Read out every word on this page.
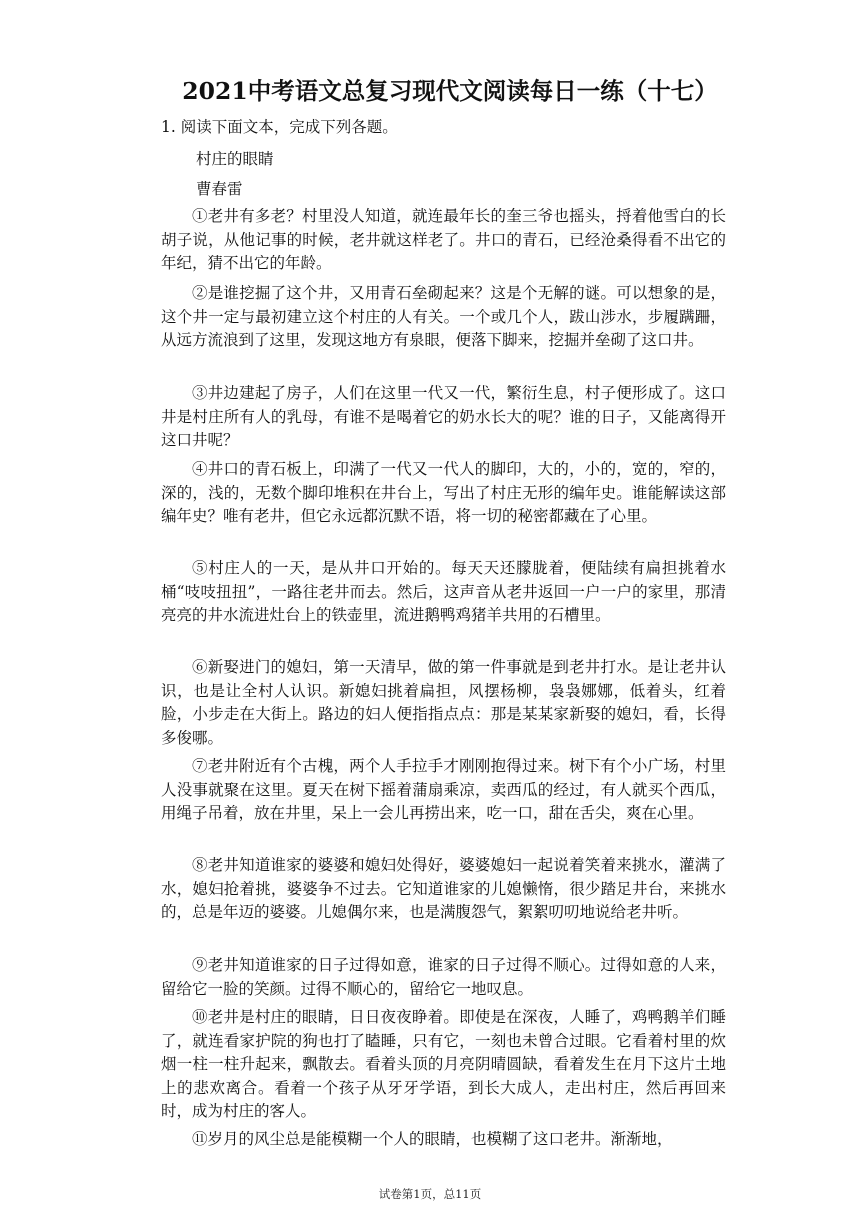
2021中考语文总复习现代文阅读每日一练（十七）
1. 阅读下面文本，完成下列各题。
村庄的眼睛
曹春雷

①老井有多老？村里没人知道，就连最年长的奎三爷也摇头，捋着他雪白的长胡子说，从他记事的时候，老井就这样老了。井口的青石，已经沧桑得看不出它的年纪，猜不出它的年龄。

②是谁挖掘了这个井，又用青石垒砌起来？这是个无解的谜。可以想象的是，这个井一定与最初建立这个村庄的人有关。一个或几个人，跋山涉水，步履蹒跚，从远方流浪到了这里，发现这地方有泉眼，便落下脚来，挖掘并垒砌了这口井。

③井边建起了房子，人们在这里一代又一代，繁衍生息，村子便形成了。这口井是村庄所有人的乳母，有谁不是喝着它的奶水长大的呢？谁的日子，又能离得开这口井呢？

④井口的青石板上，印满了一代又一代人的脚印，大的，小的，宽的，窄的，深的，浅的，无数个脚印堆积在井台上，写出了村庄无形的编年史。谁能解读这部编年史？唯有老井，但它永远都沉默不语，将一切的秘密都藏在了心里。

⑤村庄人的一天，是从井口开始的。每天天还朦胧着，便陆续有扁担挑着水桶“吱吱扭扭”，一路往老井而去。然后，这声音从老井返回一户一户的家里，那清亮亮的井水流进灶台上的铁壶里，流进鹅鸭鸡猪羊共用的石槽里。

⑥新娶进门的媳妇，第一天清早，做的第一件事就是到老井打水。是让老井认识，也是让全村人认识。新媳妇挑着扁担，风摆杨柳，袅袅娜娜，低着头，红着脸，小步走在大街上。路边的妇人便指指点点：那是某某家新娶的媳妇，看，长得多俊哪。

⑦老井附近有个古槐，两个人手拉手才刚刚抱得过来。树下有个小广场，村里人没事就聚在这里。夏天在树下摇着蒲扇乘凉，卖西瓜的经过，有人就买个西瓜，用绳子吊着，放在井里，呆上一会儿再捞出来，吃一口，甜在舌尖，爽在心里。

⑧老井知道谁家的婆婆和媳妇处得好，婆婆媳妇一起说着笑着来挑水，灌满了水，媳妇抢着挑，婆婆争不过去。它知道谁家的儿媳懒惰，很少踏足井台，来挑水的，总是年迈的婆婆。儿媳偶尔来，也是满腹怨气，絮絮叨叨地说给老井听。

⑨老井知道谁家的日子过得如意，谁家的日子过得不顺心。过得如意的人来，留给它一脸的笑颜。过得不顺心的，留给它一地叹息。

⑩老井是村庄的眼睛，日日夜夜睁着。即使是在深夜，人睡了，鸡鸭鹅羊们睡了，就连看家护院的狗也打了瞌睡，只有它，一刻也未曾合过眼。它看着村里的炊烟一柱一柱升起来，飘散去。看着头顶的月亮阴晴圆缺，看着发生在月下这片土地上的悲欢离合。看着一个孩子从牙牙学语，到长大成人，走出村庄，然后再回来时，成为村庄的客人。

⑪岁月的风尘总是能模糊一个人的眼睛，也模糊了这口老井。渐渐地，

试卷第1页，总11页
